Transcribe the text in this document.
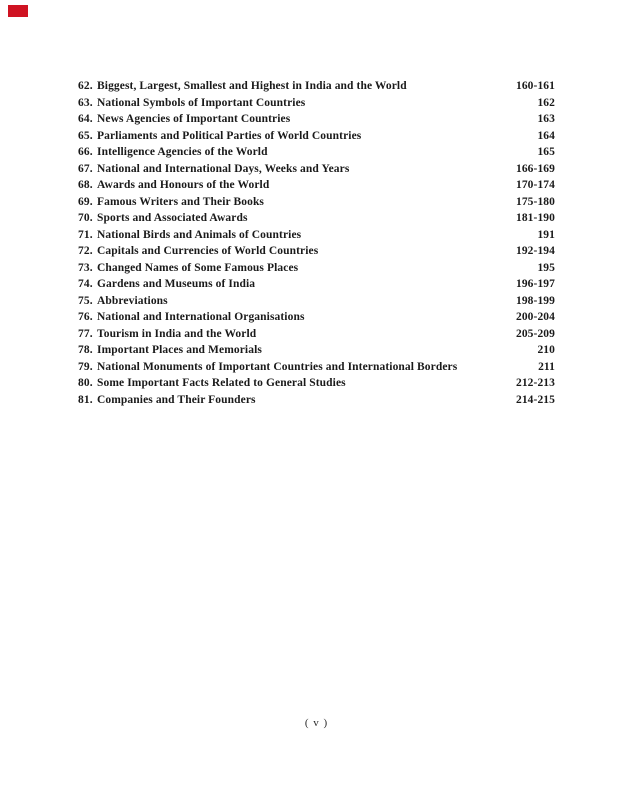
62. Biggest, Largest, Smallest and Highest in India and the World	160-161
63. National Symbols of Important Countries	162
64. News Agencies of Important Countries	163
65. Parliaments and Political Parties of World Countries	164
66. Intelligence Agencies of the World	165
67. National and International Days, Weeks and Years	166-169
68. Awards and Honours of the World	170-174
69. Famous Writers and Their Books	175-180
70. Sports and Associated Awards	181-190
71. National Birds and Animals of Countries	191
72. Capitals and Currencies of World Countries	192-194
73. Changed Names of Some Famous Places	195
74. Gardens and Museums of India	196-197
75. Abbreviations	198-199
76. National and International Organisations	200-204
77. Tourism in India and the World	205-209
78. Important Places and Memorials	210
79. National Monuments of Important Countries and International Borders	211
80. Some Important Facts Related to General Studies	212-213
81. Companies and Their Founders	214-215
( v )
